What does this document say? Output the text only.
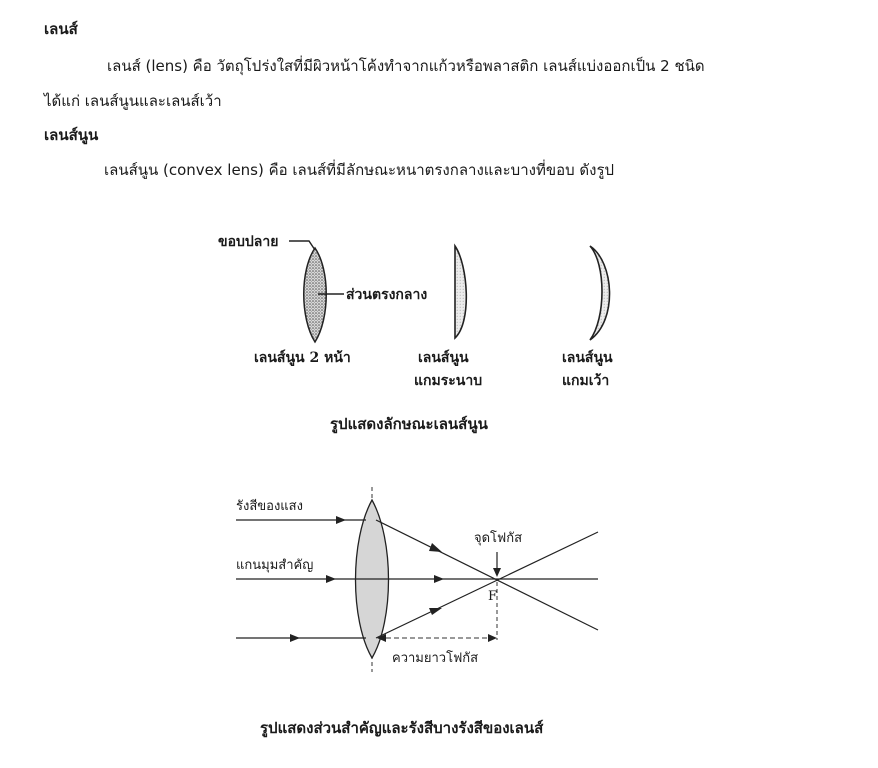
เลนส์
เลนส์ (lens) คือ วัตถุโปร่งใสที่มีผิวหน้าโค้งทำจากแก้วหรือพลาสติก เลนส์แบ่งออกเป็น 2 ชนิด
ได้แก่ เลนส์นูนและเลนส์เว้า
เลนส์นูน
เลนส์นูน (convex lens) คือ เลนส์ที่มีลักษณะหนาตรงกลางและบางที่ขอบ ดังรูป
ขอบปลาย
ส่วนตรงกลาง
เลนส์นูน 2 หน้า	เลนส์นูน
แกมระนาบ
เลนส์นูน
แกมเว้า
รูปแสดงลักษณะเลนส์นูน
รังสีของแสง
แกนมุมสำคัญ
จุดโฟกัส
F
ความยาวโฟกัส
รูปแสดงส่วนสำคัญและรังสีบางรังสีของเลนส์
